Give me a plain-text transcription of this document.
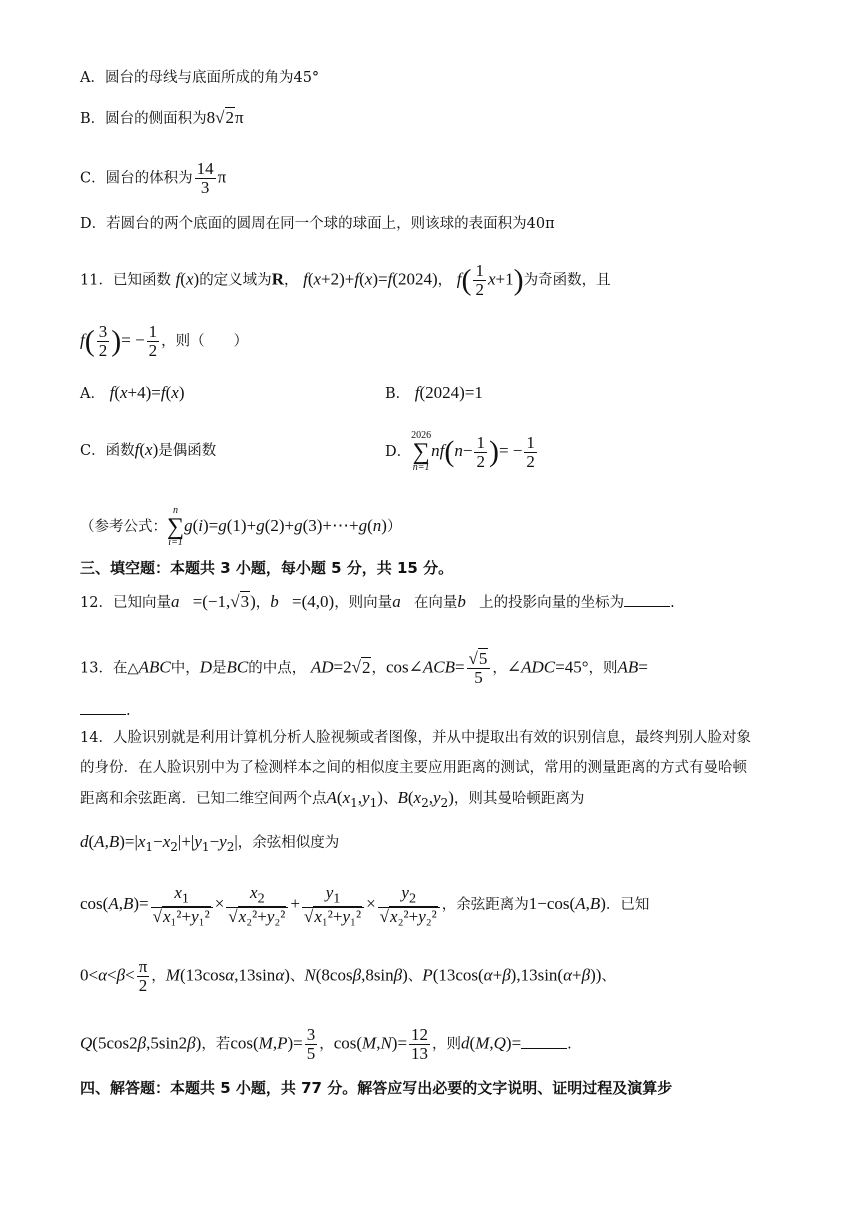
A．圆台的母线与底面所成的角为45°
B．圆台的侧面积为8√2π
C．圆台的体积为 $\frac{14}{3}$ π
D．若圆台的两个底面的圆周在同一个球的球面上，则该球的表面积为40π
11．已知函数 f(x)的定义域为R， f(x+2)+f(x)=f(2024)， $f( \frac{1}{2} x+1)$为奇函数，且
$f( \frac{3}{2}$ )= − $\frac{1}{2}$ ，则（　　）
A． f(x+4)=f(x)	B． f(2024)=1
C．函数f(x)是偶函数	D．
2026
∑
n=1
$nf(n- \frac{1}{2}$ )= − $\frac{1}{2}$
（参考公式：
n
∑
i=1
g(i)=g(1)+g(2)+g(3)+⋯+g(n)）
三、填空题：本题共 3 小题，每小题 5 分，共 15 分。
12．已知向量a⃗=(−1,√3)，b⃗=(4,0)，则向量a⃗在向量b⃗上的投影向量的坐标为	.
13．在△ABC中，D是BC的中点， AD=2√2，cos∠ACB= $\frac{√5}{5}$ ，∠ADC=45°，则AB=
.
14．人脸识别就是利用计算机分析人脸视频或者图像，并从中提取出有效的识别信息，最终判别人脸对象
的身份．在人脸识别中为了检测样本之间的相似度主要应用距离的测试，常用的测量距离的方式有曼哈顿
距离和余弦距离．已知二维空间两个点$A(x_1,y_1)$、$B(x_2,y_2)$，则其曼哈顿距离为
$d(A,B)=|x_1-x_2|+|y_1-y_2|$，余弦相似度为
$\cos(A,B)= \frac{x_1}{\text{√x₁²+y₁²}} \times \frac{x_2}{\text{√x₂²+y₂²}} + \frac{y_1}{\text{√x₁²+y₁²}} \times \frac{y_2}{\text{√x₂²+y₂²}}$ ，余弦距离为1−cos(A,B)．已知
$0<\alpha<\beta< \frac{\pi}{2}$ ，M(13cosα,13sinα)、N(8cosβ,8sinβ)、P(13cos(α+β),13sin(α+β))、
Q(5cos2β,5sin2β)，若$\cos(M,P)= \frac{3}{5}$ ，$\cos(M,N)= \frac{12}{13}$ ，则d(M,Q)=	.
四、解答题：本题共 5 小题，共 77 分。解答应写出必要的文字说明、证明过程及演算步
